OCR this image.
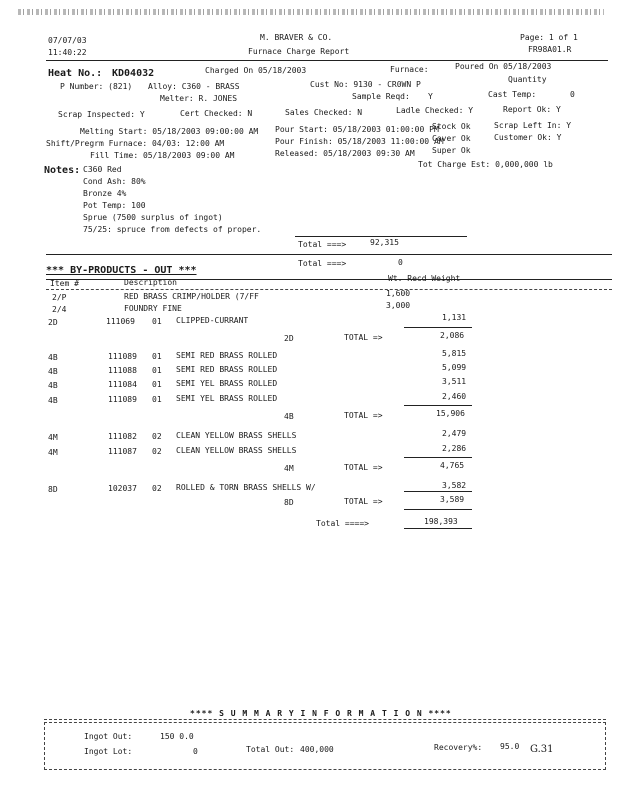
07/07/03
11:40:22
M. BRAVER & CO.
Furnace Charge Report
Page: 1 of 1
FR98A01.R
Heat No.: KD04032	Charged On 05/18/2003	Furnace:	Poured On 05/18/2003
P Number: (821) Alloy: C360 - BRASS	Cust No: 9130 - CR0WN P
Quantity
Melter: R. JONES	Sample Reqd: Y	Cast Temp:	0
Scrap Inspected: Y	Cert Checked: N	Sales Checked: N	Ladle Checked: Y	Report Ok: Y
Melting Start: 05/18/2003 09:00:00 AM Pour Start: 05/18/2003 01:00:00 PM
Stock Ok	Scrap Left In: Y
Shift/Pregrm Furnace: 04/03: 12:00 AM	Pour Finish: 05/18/2003 11:00:00 AM
Cover Ok	Customer Ok: Y
Fill Time: 05/18/2003 09:00 AM	Released: 05/18/2003 09:30 AM Super Ok
Tot Charge Est: 0,000,000 lb
Notes: C360 Red
Cond Ash: 80%
Bronze 4%
Pot Temp: 100
Sprue (7500 surplus of ingot)
75/25: spruce from defects of proper.
Total ===>	92,315
Total ===>	0
*** BY-PRODUCTS - OUT ***
Item #	Description	Wt. Recd Weight
2/P	RED BRASS CRIMP/HOLDER (7/FF	1,600
2/4	FOUNDRY FINE	3,000
2D	111069 01 CLIPPED-CURRANT	1,131
2D	TOTAL =>	2,086
4B	111089 01 SEMI RED BRASS ROLLED	5,815
4B	111088 01 SEMI RED BRASS ROLLED	5,099
4B	111084 01 SEMI YEL BRASS ROLLED	3,511
4B	111089 01 SEMI YEL BRASS ROLLED	2,460
4B	TOTAL =>	15,906
4M	111082 02 CLEAN YELLOW BRASS SHELLS	2,479
4M	111087 02 CLEAN YELLOW BRASS SHELLS	2,286
4M	TOTAL =>	4,765
8D	102037 02 ROLLED & TORN BRASS SHELLS W/	3,582
8D	TOTAL =>	3,589
Total ====>	198,393
**** S U M M A R Y I N F O R M A T I O N ****
Ingot Out:	150 0.0
Ingot Lot:	0	Total Out: 400,000	Recovery%: 95.0 G.31
